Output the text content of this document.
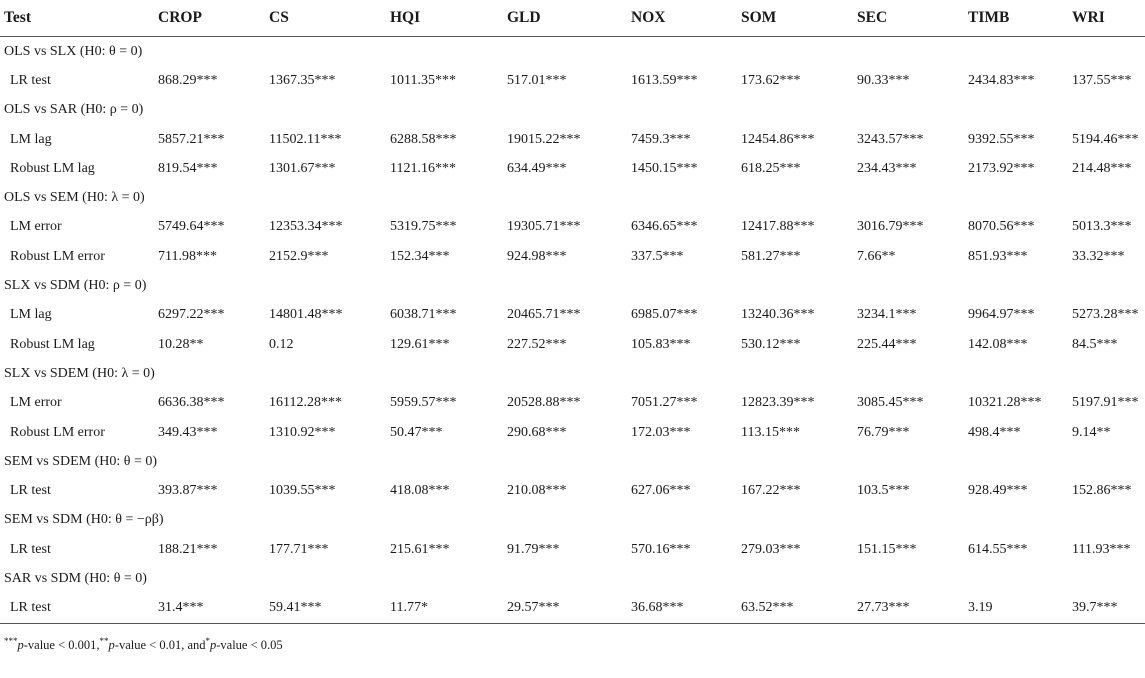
Test	CROP	CS	HQI	GLD	NOX	SOM	SEC	TIMB	WRI
OLS vs SLX (H0: θ = 0)									
LR test	868.29***	1367.35***	1011.35***	517.01***	1613.59***	173.62***	90.33***	2434.83***	137.55***
OLS vs SAR (H0: ρ = 0)									
LM lag	5857.21***	11502.11***	6288.58***	19015.22***	7459.3***	12454.86***	3243.57***	9392.55***	5194.46***
Robust LM lag	819.54***	1301.67***	1121.16***	634.49***	1450.15***	618.25***	234.43***	2173.92***	214.48***
OLS vs SEM (H0: λ = 0)									
LM error	5749.64***	12353.34***	5319.75***	19305.71***	6346.65***	12417.88***	3016.79***	8070.56***	5013.3***
Robust LM error	711.98***	2152.9***	152.34***	924.98***	337.5***	581.27***	7.66**	851.93***	33.32***
SLX vs SDM (H0: ρ = 0)									
LM lag	6297.22***	14801.48***	6038.71***	20465.71***	6985.07***	13240.36***	3234.1***	9964.97***	5273.28***
Robust LM lag	10.28**	0.12	129.61***	227.52***	105.83***	530.12***	225.44***	142.08***	84.5***
SLX vs SDEM (H0: λ = 0)									
LM error	6636.38***	16112.28***	5959.57***	20528.88***	7051.27***	12823.39***	3085.45***	10321.28***	5197.91***
Robust LM error	349.43***	1310.92***	50.47***	290.68***	172.03***	113.15***	76.79***	498.4***	9.14**
SEM vs SDEM (H0: θ = 0)									
LR test	393.87***	1039.55***	418.08***	210.08***	627.06***	167.22***	103.5***	928.49***	152.86***
SEM vs SDM (H0: θ = −ρβ)									
LR test	188.21***	177.71***	215.61***	91.79***	570.16***	279.03***	151.15***	614.55***	111.93***
SAR vs SDM (H0: θ = 0)									
LR test	31.4***	59.41***	11.77*	29.57***	36.68***	63.52***	27.73***	3.19	39.7***
***p-value < 0.001,**p-value < 0.01, and*p-value < 0.05
